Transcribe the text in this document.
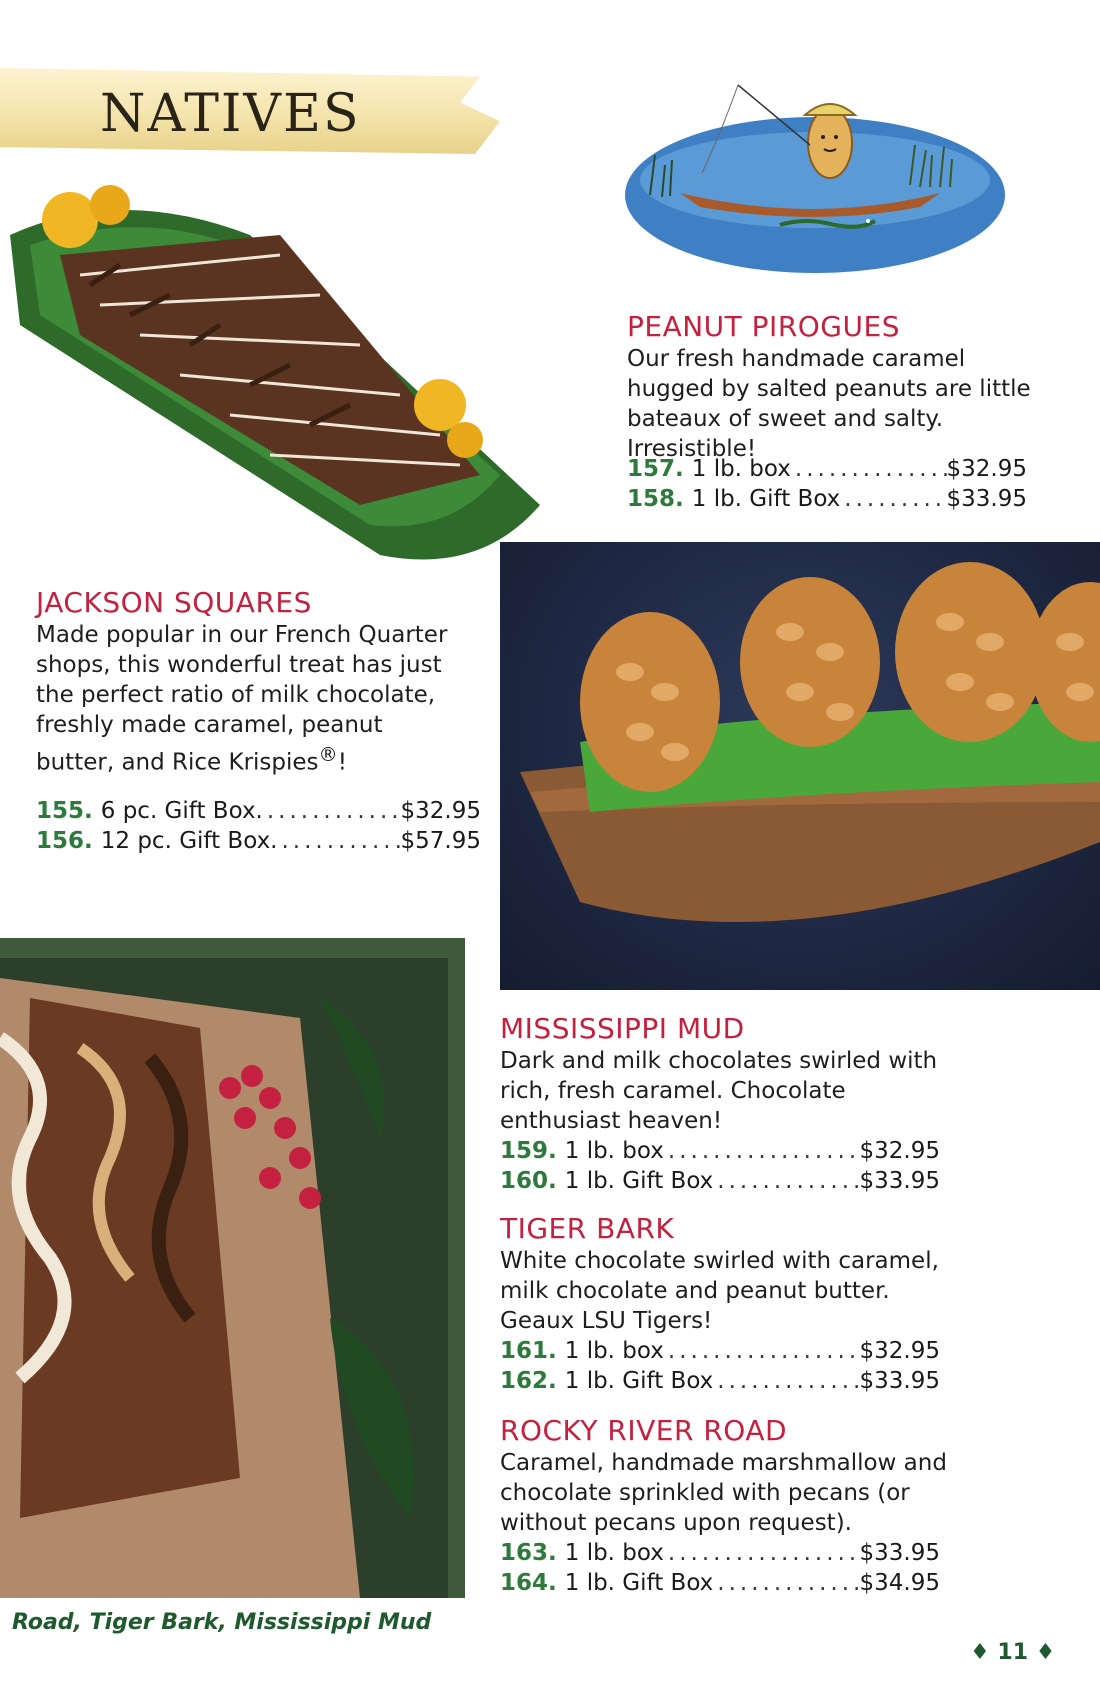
NATIVES
PEANUT PIROGUES
Our fresh handmade caramel hugged by salted peanuts are little bateaux of sweet and salty. Irresistible!
157. 1 lb. box .....	$32.95
158. 1 lb. Gift Box .....	$33.95
JACKSON SQUARES
Made popular in our French Quarter shops, this wonderful treat has just the perfect ratio of milk chocolate, freshly made caramel, peanut butter, and Rice Krispies®!
155. 6 pc. Gift Box. .....	$32.95
156. 12 pc. Gift Box. .....	$57.95
MISSISSIPPI MUD
Dark and milk chocolates swirled with rich, fresh caramel. Chocolate enthusiast heaven!
159. 1 lb. box .....	$32.95
160. 1 lb. Gift Box .....	$33.95
TIGER BARK
White chocolate swirled with caramel, milk chocolate and peanut butter. Geaux LSU Tigers!
161. 1 lb. box .....	$32.95
162. 1 lb. Gift Box .....	$33.95
ROCKY RIVER ROAD
Caramel, handmade marshmallow and chocolate sprinkled with pecans (or without pecans upon request).
163. 1 lb. box .....	$33.95
164. 1 lb. Gift Box .....	$34.95
Road, Tiger Bark, Mississippi Mud
♦ 11 ♦
